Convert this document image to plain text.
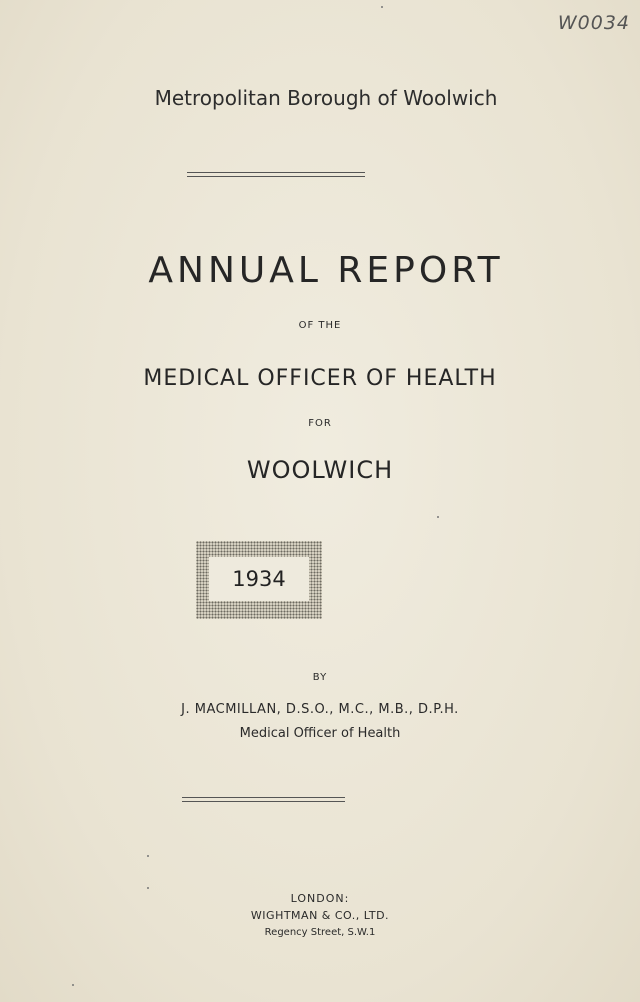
W0034
Metropolitan Borough of Woolwich
ANNUAL REPORT
OF THE
MEDICAL OFFICER OF HEALTH
FOR
WOOLWICH
1934
BY
J. MACMILLAN, D.S.O., M.C., M.B., D.P.H.
Medical Officer of Health
LONDON:
WIGHTMAN & CO., LTD.
Regency Street, S.W.1
